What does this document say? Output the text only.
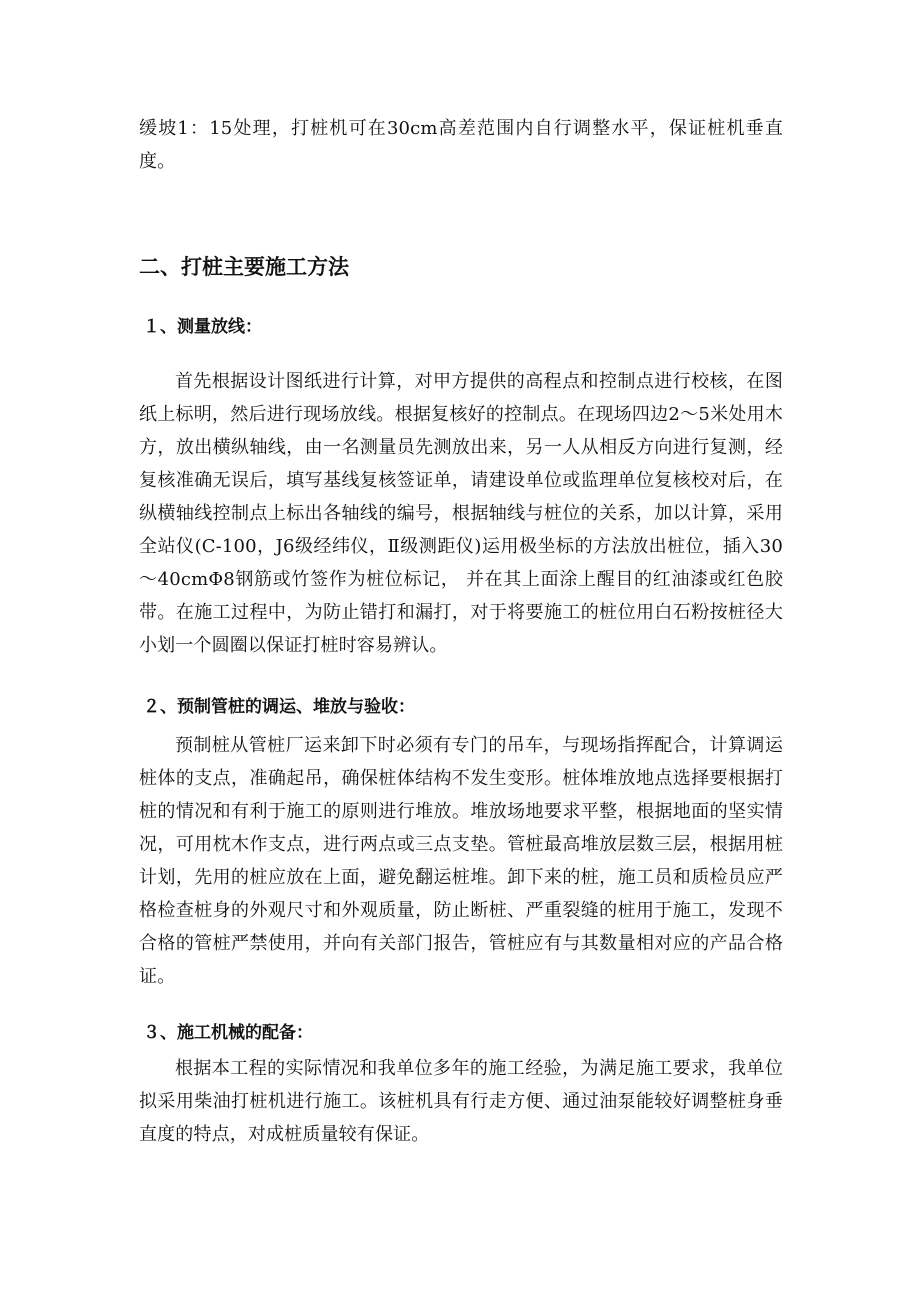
缓坡1：15处理，打桩机可在30cm高差范围内自行调整水平，保证桩机垂直度。

二、打桩主要施工方法
１、测量放线：

首先根据设计图纸进行计算，对甲方提供的高程点和控制点进行校核，在图纸上标明，然后进行现场放线。根据复核好的控制点。在现场四边2～5米处用木方，放出横纵轴线，由一名测量员先测放出来，另一人从相反方向进行复测，经复核准确无误后，填写基线复核签证单，请建设单位或监理单位复核校对后，在纵横轴线控制点上标出各轴线的编号，根据轴线与桩位的关系，加以计算，采用全站仪(C-100，J6级经纬仪，Ⅱ级测距仪)运用极坐标的方法放出桩位，插入30～40cmΦ8钢筋或竹签作为桩位标记， 并在其上面涂上醒目的红油漆或红色胶带。在施工过程中，为防止错打和漏打，对于将要施工的桩位用白石粉按桩径大小划一个圆圈以保证打桩时容易辨认。

２、预制管桩的调运、堆放与验收：

预制桩从管桩厂运来卸下时必须有专门的吊车，与现场指挥配合，计算调运桩体的支点，准确起吊，确保桩体结构不发生变形。桩体堆放地点选择要根据打桩的情况和有利于施工的原则进行堆放。堆放场地要求平整，根据地面的坚实情况，可用枕木作支点，进行两点或三点支垫。管桩最高堆放层数三层，根据用桩计划，先用的桩应放在上面，避免翻运桩堆。卸下来的桩，施工员和质检员应严格检查桩身的外观尺寸和外观质量，防止断桩、严重裂缝的桩用于施工，发现不合格的管桩严禁使用，并向有关部门报告，管桩应有与其数量相对应的产品合格证。

３、施工机械的配备：

根据本工程的实际情况和我单位多年的施工经验，为满足施工要求，我单位拟采用柴油打桩机进行施工。该桩机具有行走方便、通过油泵能较好调整桩身垂直度的特点，对成桩质量较有保证。
